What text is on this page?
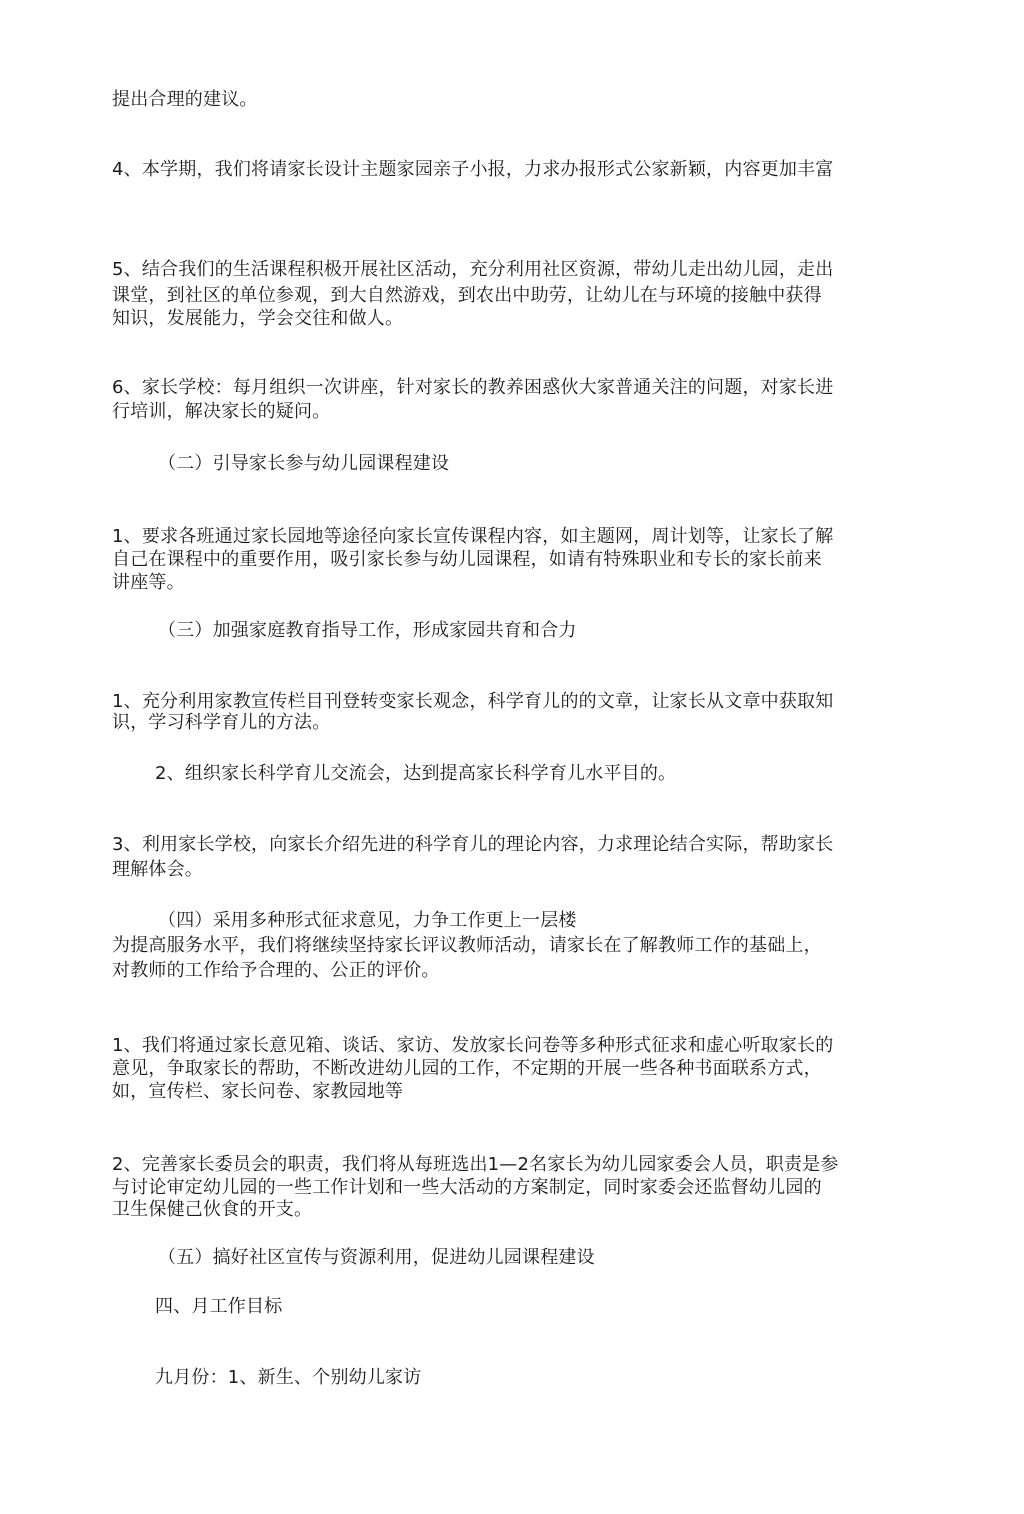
提出合理的建议。
4、本学期，我们将请家长设计主题家园亲子小报，力求办报形式公家新颖，内容更加丰富
5、结合我们的生活课程积极开展社区活动，充分利用社区资源，带幼儿走出幼儿园，走出
课堂，到社区的单位参观，到大自然游戏，到农出中助劳，让幼儿在与环境的接触中获得
知识，发展能力，学会交往和做人。
6、家长学校：每月组织一次讲座，针对家长的教养困惑伙大家普通关注的问题，对家长进
行培训，解决家长的疑问。
（二）引导家长参与幼儿园课程建设
1、要求各班通过家长园地等途径向家长宣传课程内容，如主题网，周计划等，让家长了解
自己在课程中的重要作用，吸引家长参与幼儿园课程，如请有特殊职业和专长的家长前来
讲座等。
（三）加强家庭教育指导工作，形成家园共育和合力
1、充分利用家教宣传栏目刊登转变家长观念，科学育儿的的文章，让家长从文章中获取知
识，学习科学育儿的方法。
2、组织家长科学育儿交流会，达到提高家长科学育儿水平目的。
3、利用家长学校，向家长介绍先进的科学育儿的理论内容，力求理论结合实际，帮助家长
理解体会。
（四）采用多种形式征求意见，力争工作更上一层楼
为提高服务水平，我们将继续坚持家长评议教师活动，请家长在了解教师工作的基础上，
对教师的工作给予合理的、公正的评价。
1、我们将通过家长意见箱、谈话、家访、发放家长问卷等多种形式征求和虚心听取家长的
意见，争取家长的帮助，不断改进幼儿园的工作，不定期的开展一些各种书面联系方式，
如，宣传栏、家长问卷、家教园地等
2、完善家长委员会的职责，我们将从每班选出1—2名家长为幼儿园家委会人员，职责是参
与讨论审定幼儿园的一些工作计划和一些大活动的方案制定，同时家委会还监督幼儿园的
卫生保健己伙食的开支。
（五）搞好社区宣传与资源利用，促进幼儿园课程建设
四、月工作目标
九月份：1、新生、个别幼儿家访
